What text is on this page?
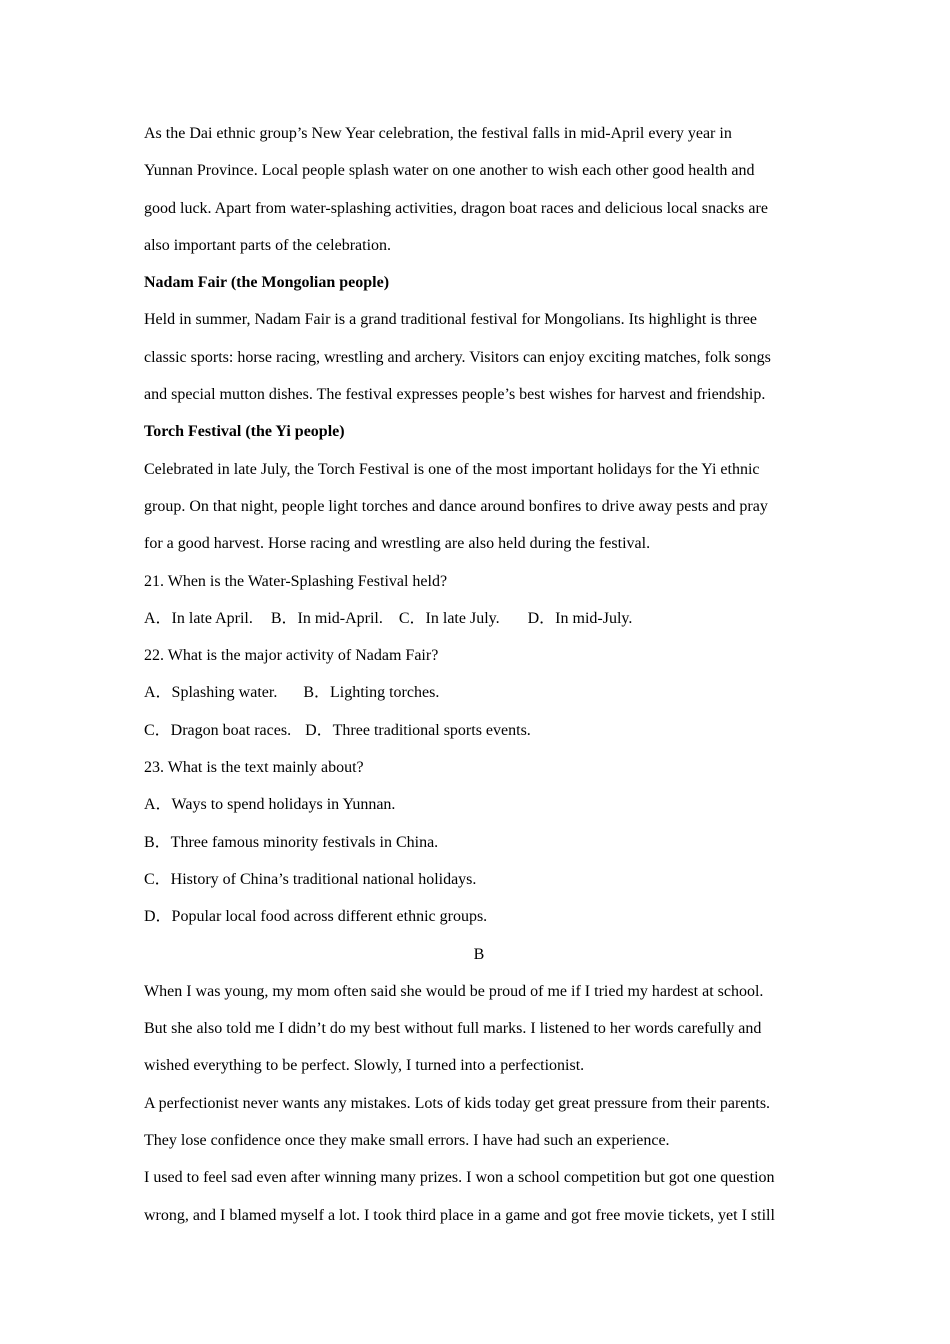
As the Dai ethnic group’s New Year celebration, the festival falls in mid-April every year in
Yunnan Province. Local people splash water on one another to wish each other good health and
good luck. Apart from water-splashing activities, dragon boat races and delicious local snacks are
also important parts of the celebration.
Nadam Fair (the Mongolian people)
Held in summer, Nadam Fair is a grand traditional festival for Mongolians. Its highlight is three
classic sports: horse racing, wrestling and archery. Visitors can enjoy exciting matches, folk songs
and special mutton dishes. The festival expresses people’s best wishes for harvest and friendship.
Torch Festival (the Yi people)
Celebrated in late July, the Torch Festival is one of the most important holidays for the Yi ethnic
group. On that night, people light torches and dance around bonfires to drive away pests and pray
for a good harvest. Horse racing and wrestling are also held during the festival.
21. When is the Water-Splashing Festival held?
A．In late April. B．In mid-April. C．In late July. D．In mid-July.
22. What is the major activity of Nadam Fair?
A．Splashing water. B．Lighting torches.
C．Dragon boat races. D．Three traditional sports events.
23. What is the text mainly about?
A．Ways to spend holidays in Yunnan.
B．Three famous minority festivals in China.
C．History of China’s traditional national holidays.
D．Popular local food across different ethnic groups.
B
When I was young, my mom often said she would be proud of me if I tried my hardest at school.
But she also told me I didn’t do my best without full marks. I listened to her words carefully and
wished everything to be perfect. Slowly, I turned into a perfectionist.
A perfectionist never wants any mistakes. Lots of kids today get great pressure from their parents.
They lose confidence once they make small errors. I have had such an experience.
I used to feel sad even after winning many prizes. I won a school competition but got one question
wrong, and I blamed myself a lot. I took third place in a game and got free movie tickets, yet I still
